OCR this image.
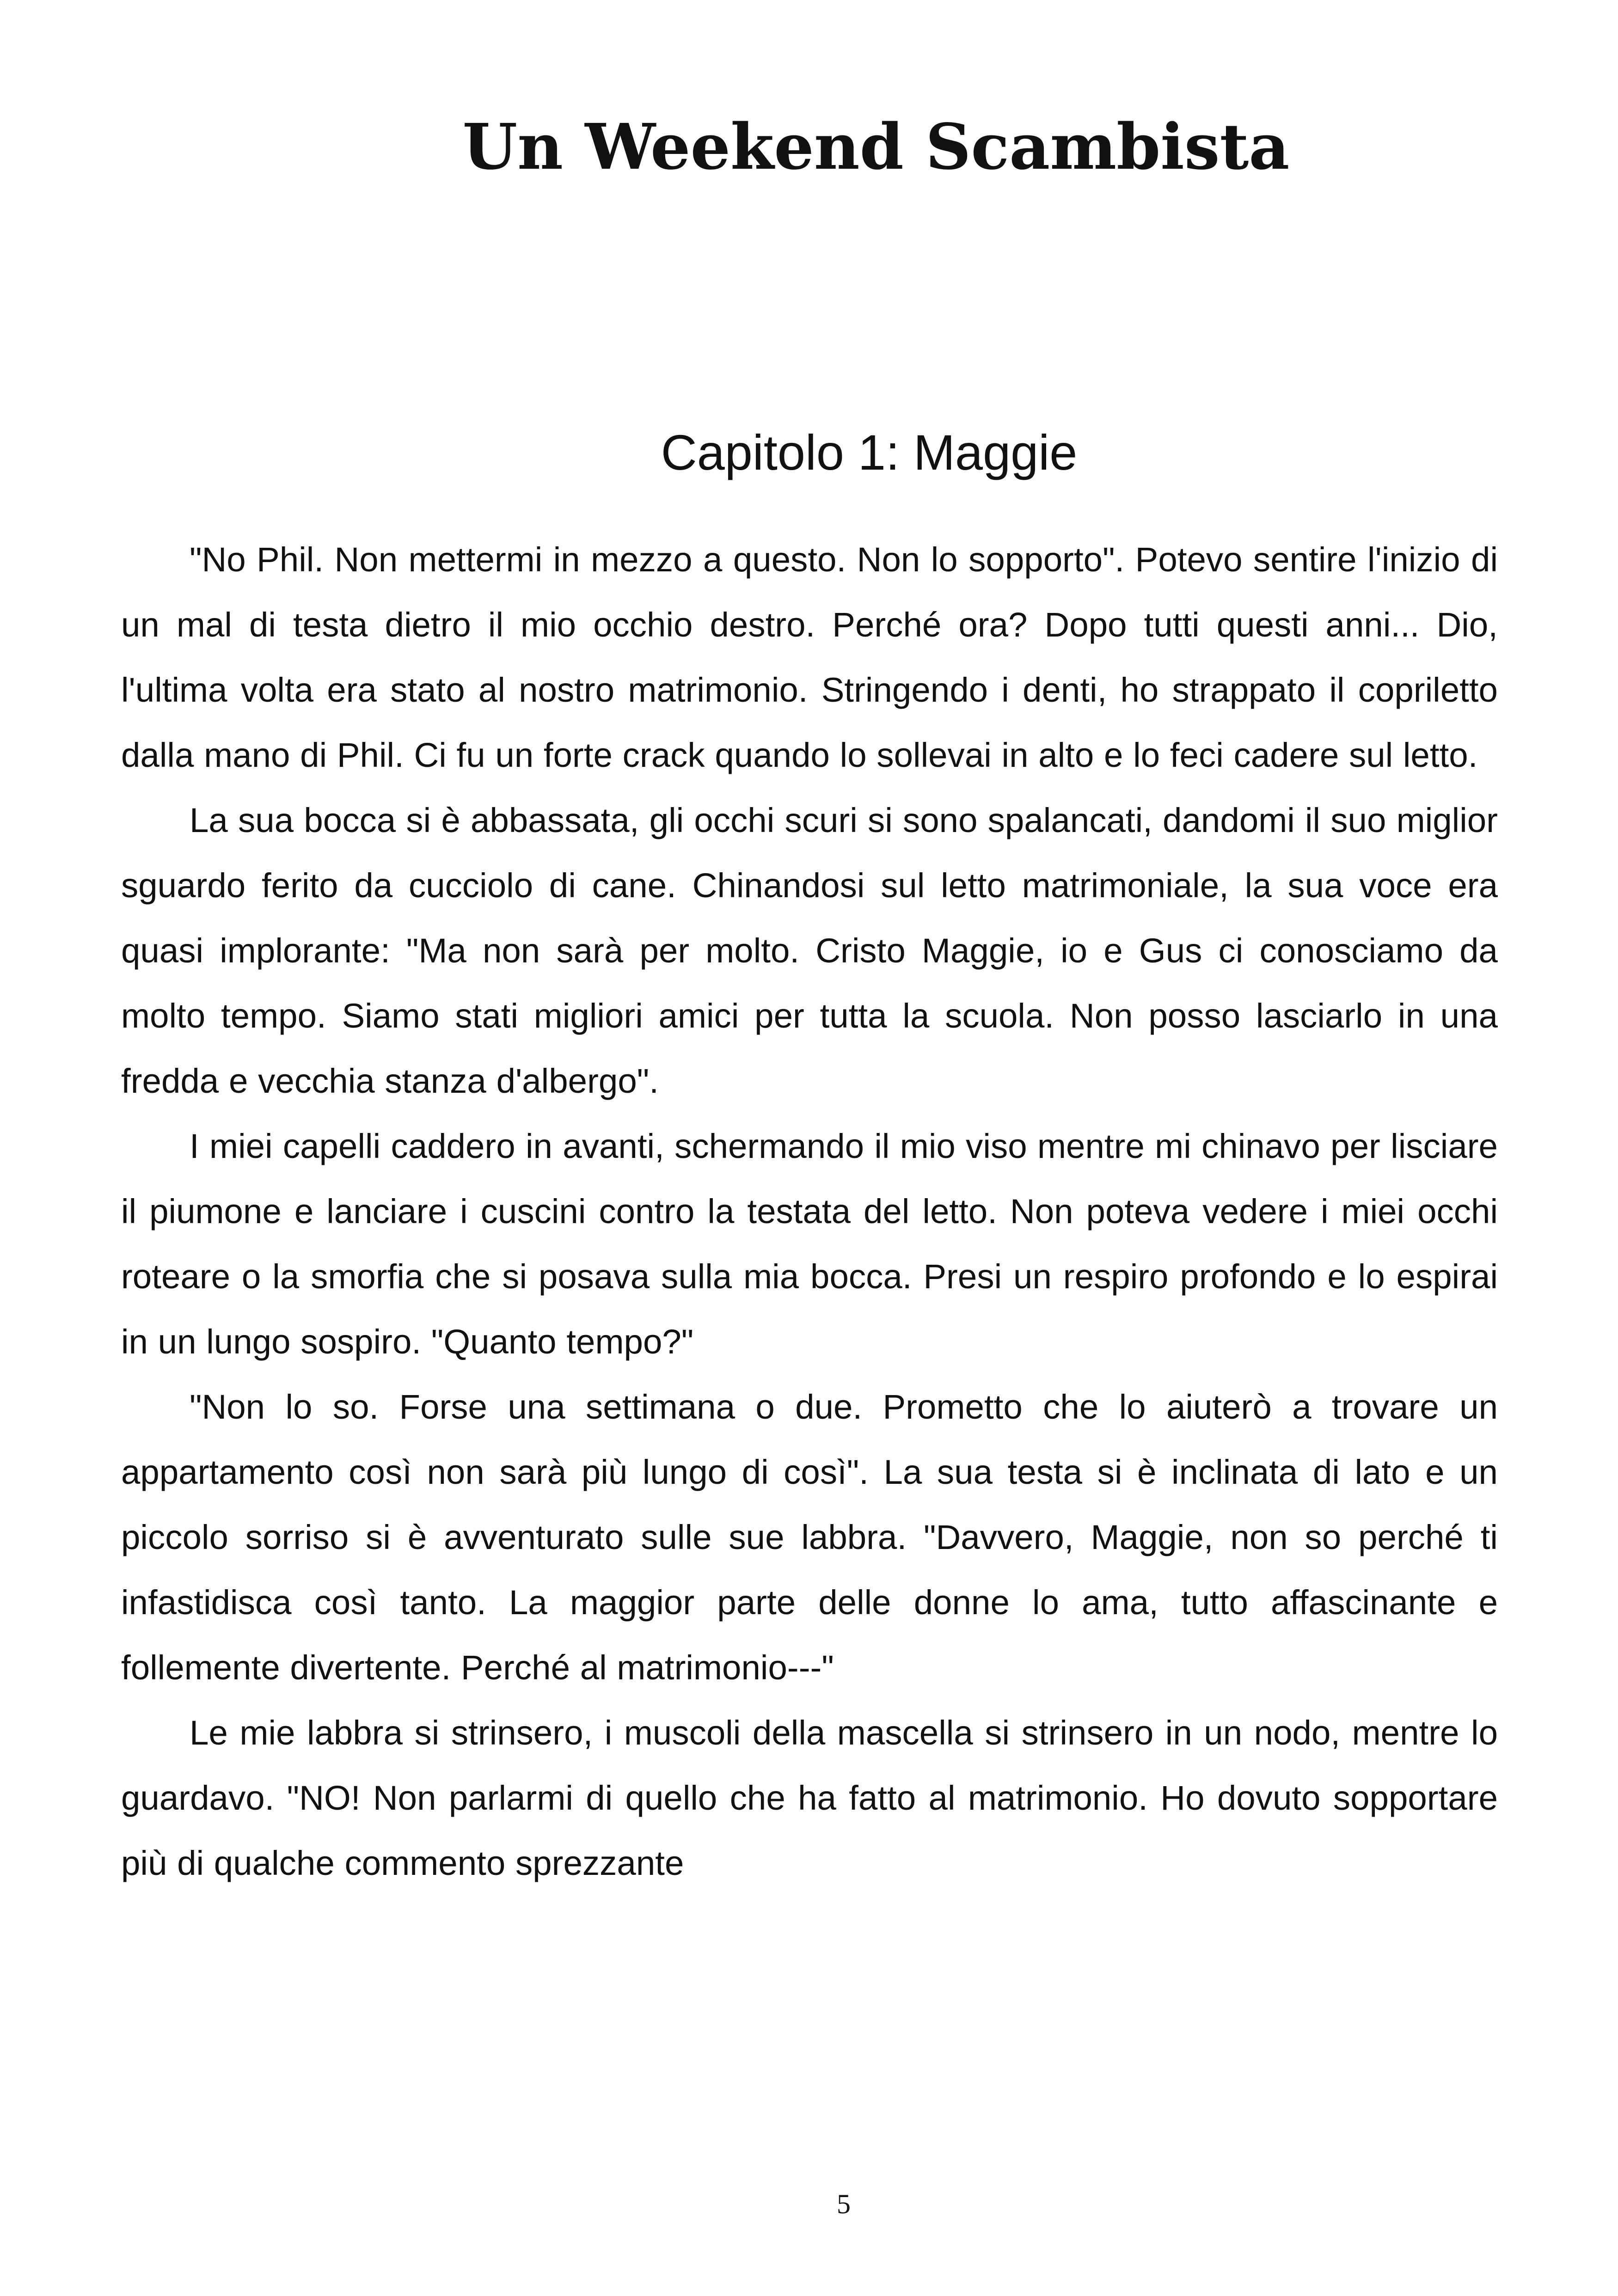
Un Weekend Scambista
Capitolo 1: Maggie

"No Phil. Non mettermi in mezzo a questo. Non lo sopporto". Potevo sentire l'inizio di un mal di testa dietro il mio occhio destro. Perché ora? Dopo tutti questi anni... Dio, l'ultima volta era stato al nostro matrimonio. Stringendo i denti, ho strappato il copriletto dalla mano di Phil. Ci fu un forte crack quando lo sollevai in alto e lo feci cadere sul letto.

La sua bocca si è abbassata, gli occhi scuri si sono spalancati, dandomi il suo miglior sguardo ferito da cucciolo di cane. Chinandosi sul letto matrimoniale, la sua voce era quasi implorante: "Ma non sarà per molto. Cristo Maggie, io e Gus ci conosciamo da molto tempo. Siamo stati migliori amici per tutta la scuola. Non posso lasciarlo in una fredda e vecchia stanza d'albergo".

I miei capelli caddero in avanti, schermando il mio viso mentre mi chinavo per lisciare il piumone e lanciare i cuscini contro la testata del letto. Non poteva vedere i miei occhi roteare o la smorfia che si posava sulla mia bocca. Presi un respiro profondo e lo espirai in un lungo sospiro. "Quanto tempo?"

"Non lo so. Forse una settimana o due. Prometto che lo aiuterò a trovare un appartamento così non sarà più lungo di così". La sua testa si è inclinata di lato e un piccolo sorriso si è avventurato sulle sue labbra. "Davvero, Maggie, non so perché ti infastidisca così tanto. La maggior parte delle donne lo ama, tutto affascinante e follemente divertente. Perché al matrimonio---"

Le mie labbra si strinsero, i muscoli della mascella si strinsero in un nodo, mentre lo guardavo. "NO! Non parlarmi di quello che ha fatto al matrimonio. Ho dovuto sopportare più di qualche commento sprezzante

5
